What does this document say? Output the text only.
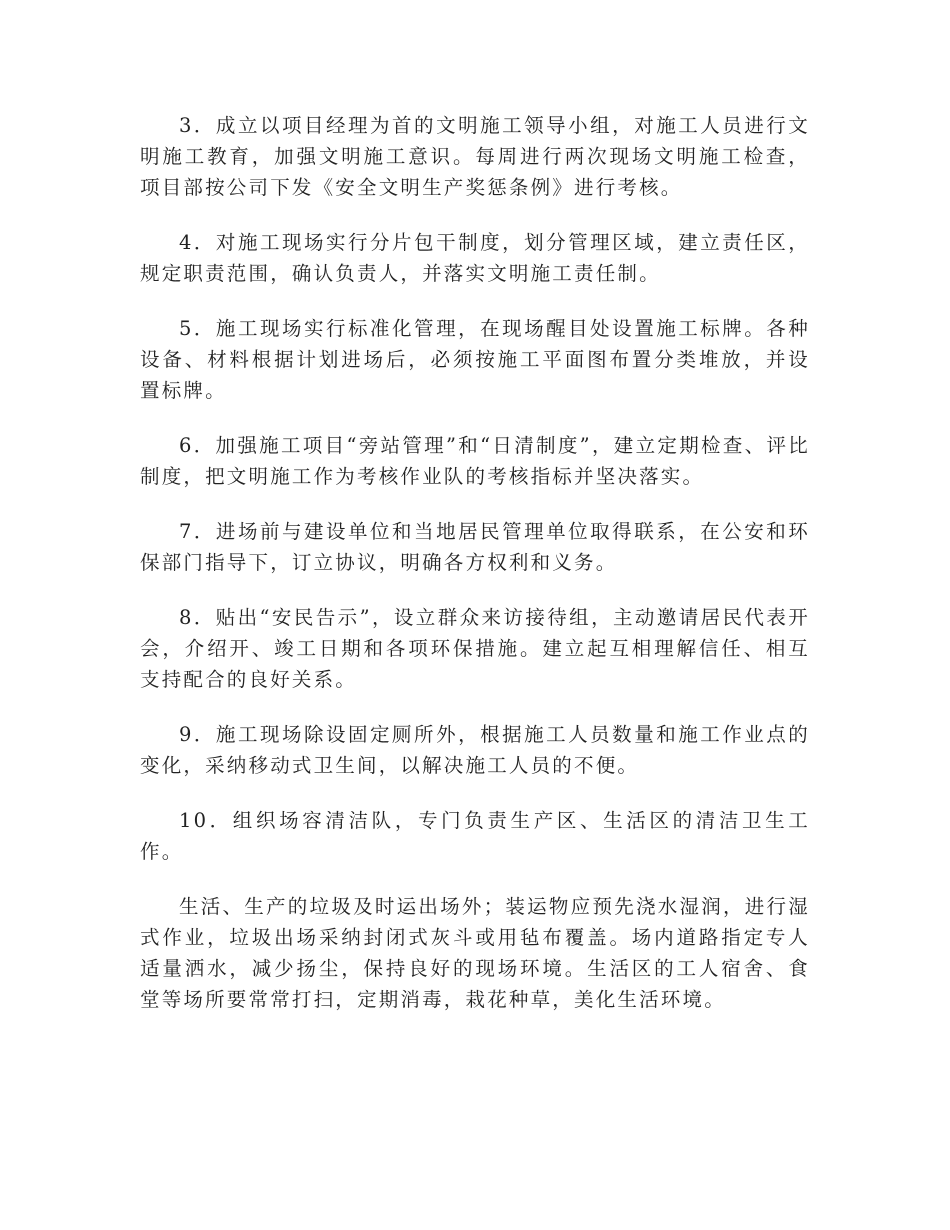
3．成立以项目经理为首的文明施工领导小组，对施工人员进行文明施工教育，加强文明施工意识。每周进行两次现场文明施工检查，项目部按公司下发《安全文明生产奖惩条例》进行考核。

4．对施工现场实行分片包干制度，划分管理区域，建立责任区，规定职责范围，确认负责人，并落实文明施工责任制。

5．施工现场实行标准化管理，在现场醒目处设置施工标牌。各种设备、材料根据计划进场后，必须按施工平面图布置分类堆放，并设置标牌。

6．加强施工项目“旁站管理”和“日清制度”，建立定期检查、评比制度，把文明施工作为考核作业队的考核指标并坚决落实。

7．进场前与建设单位和当地居民管理单位取得联系，在公安和环保部门指导下，订立协议，明确各方权利和义务。

8．贴出“安民告示”，设立群众来访接待组，主动邀请居民代表开会，介绍开、竣工日期和各项环保措施。建立起互相理解信任、相互支持配合的良好关系。

9．施工现场除设固定厕所外，根据施工人员数量和施工作业点的变化，采纳移动式卫生间，以解决施工人员的不便。

10．组织场容清洁队，专门负责生产区、生活区的清洁卫生工作。

生活、生产的垃圾及时运出场外；装运物应预先浇水湿润，进行湿式作业，垃圾出场采纳封闭式灰斗或用毡布覆盖。场内道路指定专人适量洒水，减少扬尘，保持良好的现场环境。生活区的工人宿舍、食堂等场所要常常打扫，定期消毒，栽花种草，美化生活环境。
